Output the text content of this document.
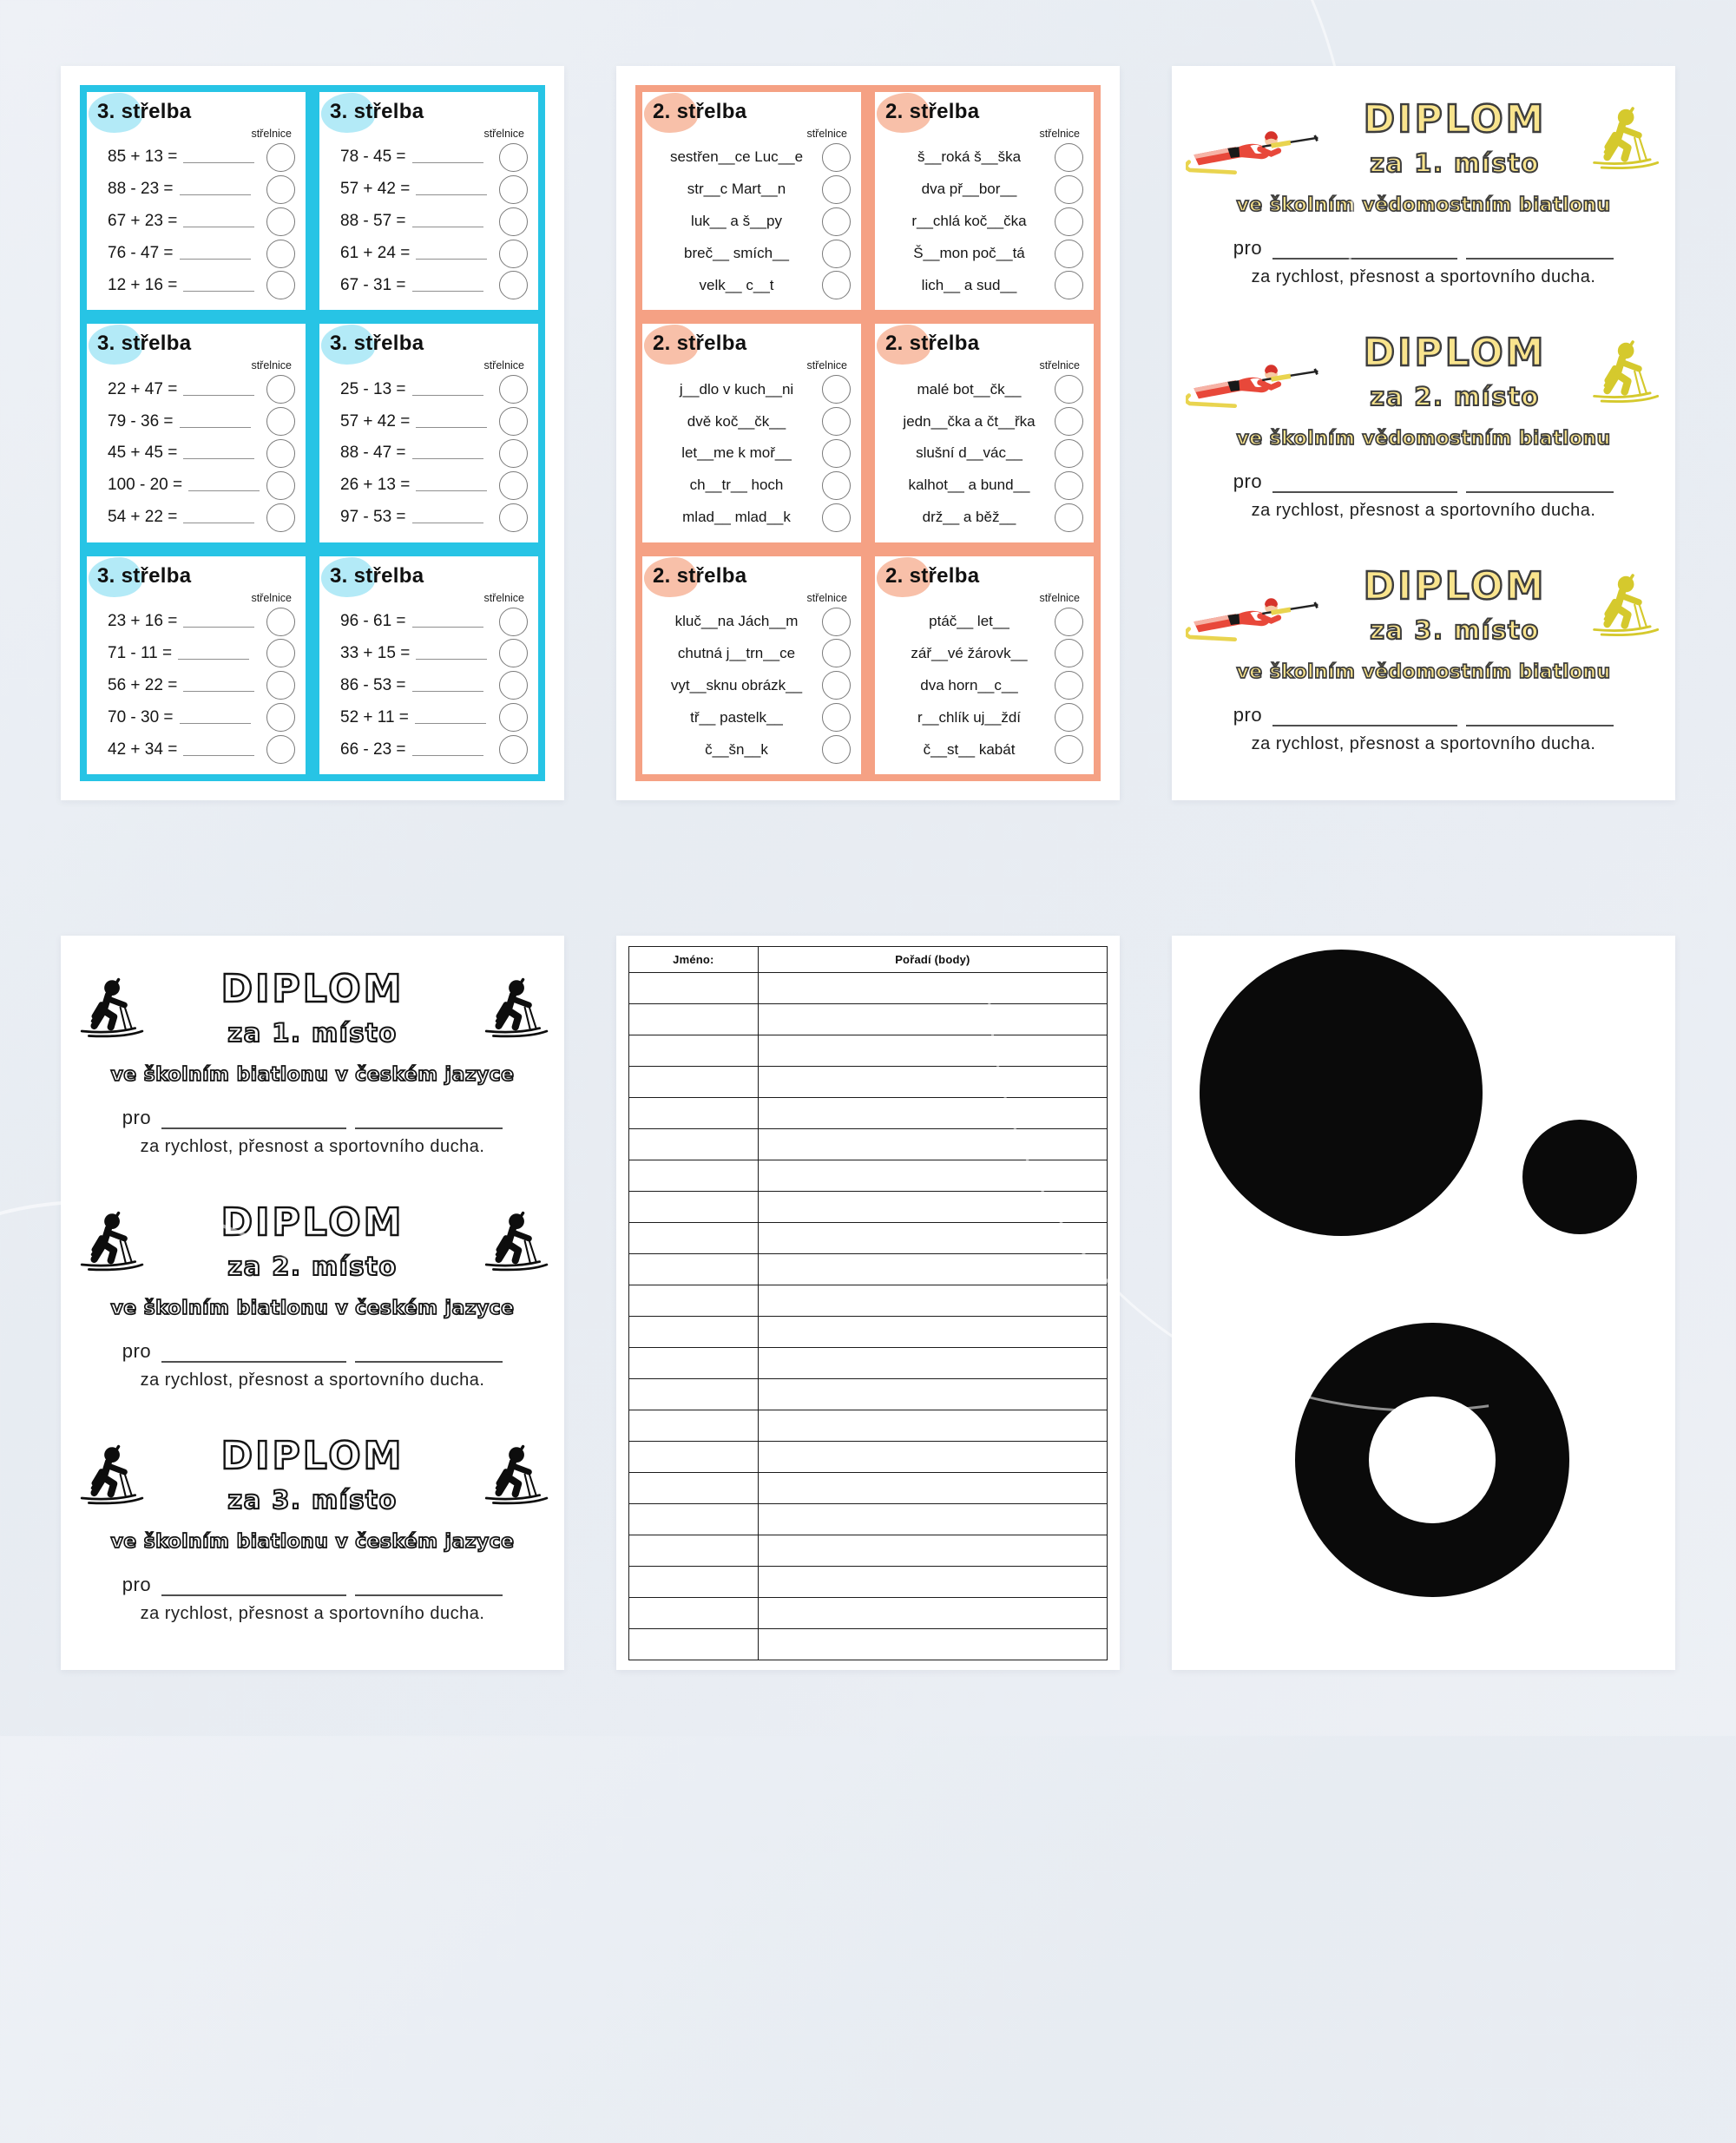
3. střelba
střelnice
85 + 13 =
88 - 23 =
67 + 23 =
76 - 47 =
12 + 16 =
3. střelba
střelnice
78 - 45 =
57 + 42 =
88 - 57 =
61 + 24 =
67 - 31 =
3. střelba
střelnice
22 + 47 =
79 - 36 =
45 + 45 =
100 - 20 =
54 + 22 =
3. střelba
střelnice
25 - 13 =
57 + 42 =
88 - 47 =
26 + 13 =
97 - 53 =
3. střelba
střelnice
23 + 16 =
71 - 11 =
56 + 22 =
70 - 30 =
42 + 34 =
3. střelba
střelnice
96 - 61 =
33 + 15 =
86 - 53 =
52 + 11 =
66 - 23 =
2. střelba
střelnice
sestřen__ce Luc__e
str__c Mart__n
luk__ a š__py
breč__ smích__
velk__ c__t
2. střelba
střelnice
š__roká š__ška
dva př__bor__
r__chlá koč__čka
Š__mon poč__tá
lich__ a sud__
2. střelba
střelnice
j__dlo v kuch__ni
dvě koč__čk__
let__me k moř__
ch__tr__ hoch
mlad__ mlad__k
2. střelba
střelnice
malé bot__čk__
jedn__čka a čt__řka
slušní d__vác__
kalhot__ a bund__
drž__ a běž__
2. střelba
střelnice
kluč__na Jách__m
chutná j__trn__ce
vyt__sknu obrázk__
tř__ pastelk__
č__šn__k
2. střelba
střelnice
ptáč__ let__
zář__vé žárovk__
dva horn__c__
r__chlík uj__ždí
č__st__ kabát
DIPLOM
za 1. místo
ve školním vědomostním biatlonu
pro
za rychlost, přesnost a sportovního ducha.
DIPLOM
za 2. místo
ve školním vědomostním biatlonu
pro
za rychlost, přesnost a sportovního ducha.
DIPLOM
za 3. místo
ve školním vědomostním biatlonu
pro
za rychlost, přesnost a sportovního ducha.
DIPLOM
za 1. místo
ve školním biatlonu v českém jazyce
pro
za rychlost, přesnost a sportovního ducha.
DIPLOM
za 2. místo
ve školním biatlonu v českém jazyce
pro
za rychlost, přesnost a sportovního ducha.
DIPLOM
za 3. místo
ve školním biatlonu v českém jazyce
pro
za rychlost, přesnost a sportovního ducha.
Jméno:	Pořadí (body)
